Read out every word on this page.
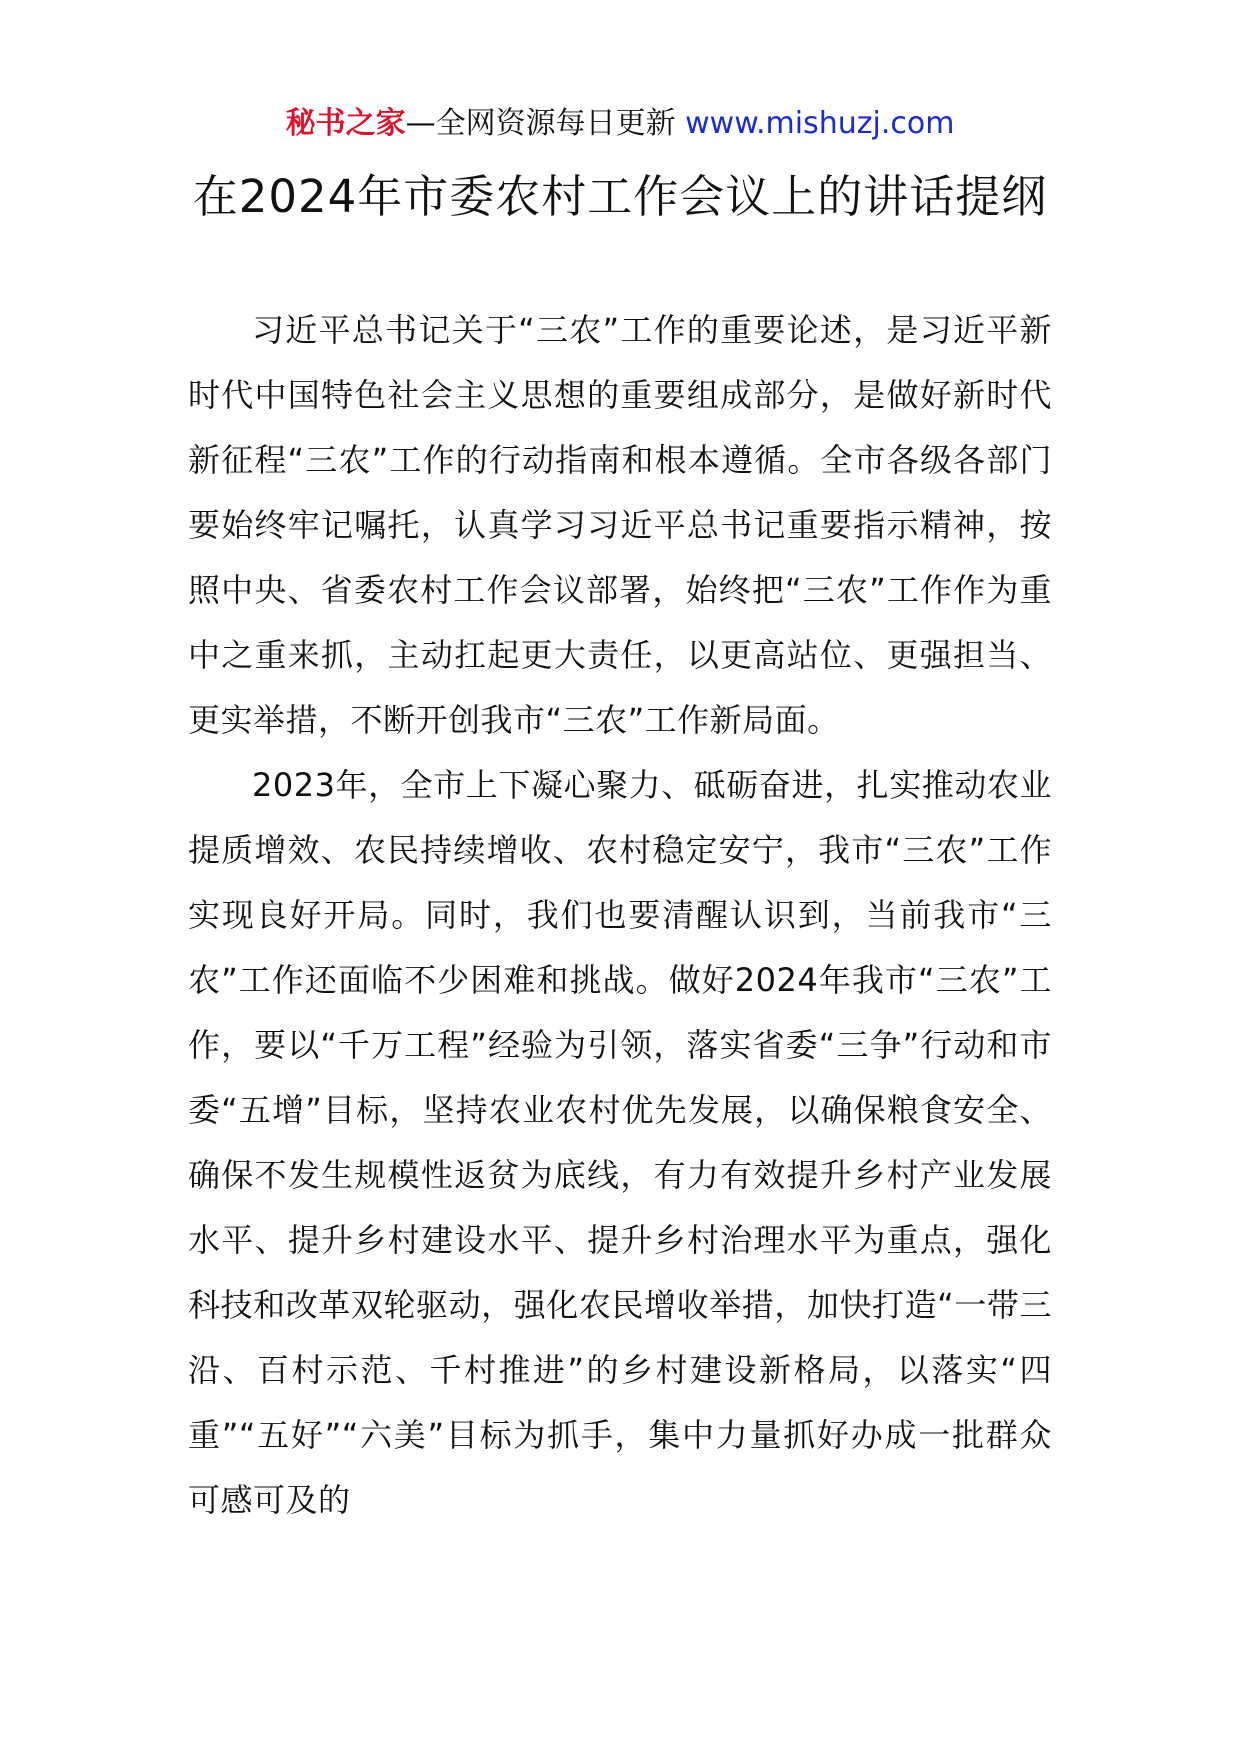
秘书之家—全网资源每日更新 www.mishuzj.com
在2024年市委农村工作会议上的讲话提纲

习近平总书记关于“三农”工作的重要论述，是习近平新时代中国特色社会主义思想的重要组成部分，是做好新时代新征程“三农”工作的行动指南和根本遵循。全市各级各部门要始终牢记嘱托，认真学习习近平总书记重要指示精神，按照中央、省委农村工作会议部署，始终把“三农”工作作为重中之重来抓，主动扛起更大责任，以更高站位、更强担当、更实举措，不断开创我市“三农”工作新局面。

2023年，全市上下凝心聚力、砥砺奋进，扎实推动农业提质增效、农民持续增收、农村稳定安宁，我市“三农”工作实现良好开局。同时，我们也要清醒认识到，当前我市“三农”工作还面临不少困难和挑战。做好2024年我市“三农”工作，要以“千万工程”经验为引领，落实省委“三争”行动和市委“五增”目标，坚持农业农村优先发展，以确保粮食安全、确保不发生规模性返贫为底线，有力有效提升乡村产业发展水平、提升乡村建设水平、提升乡村治理水平为重点，强化科技和改革双轮驱动，强化农民增收举措，加快打造“一带三沿、百村示范、千村推进”的乡村建设新格局，以落实“四重”“五好”“六美”目标为抓手，集中力量抓好办成一批群众可感可及的
